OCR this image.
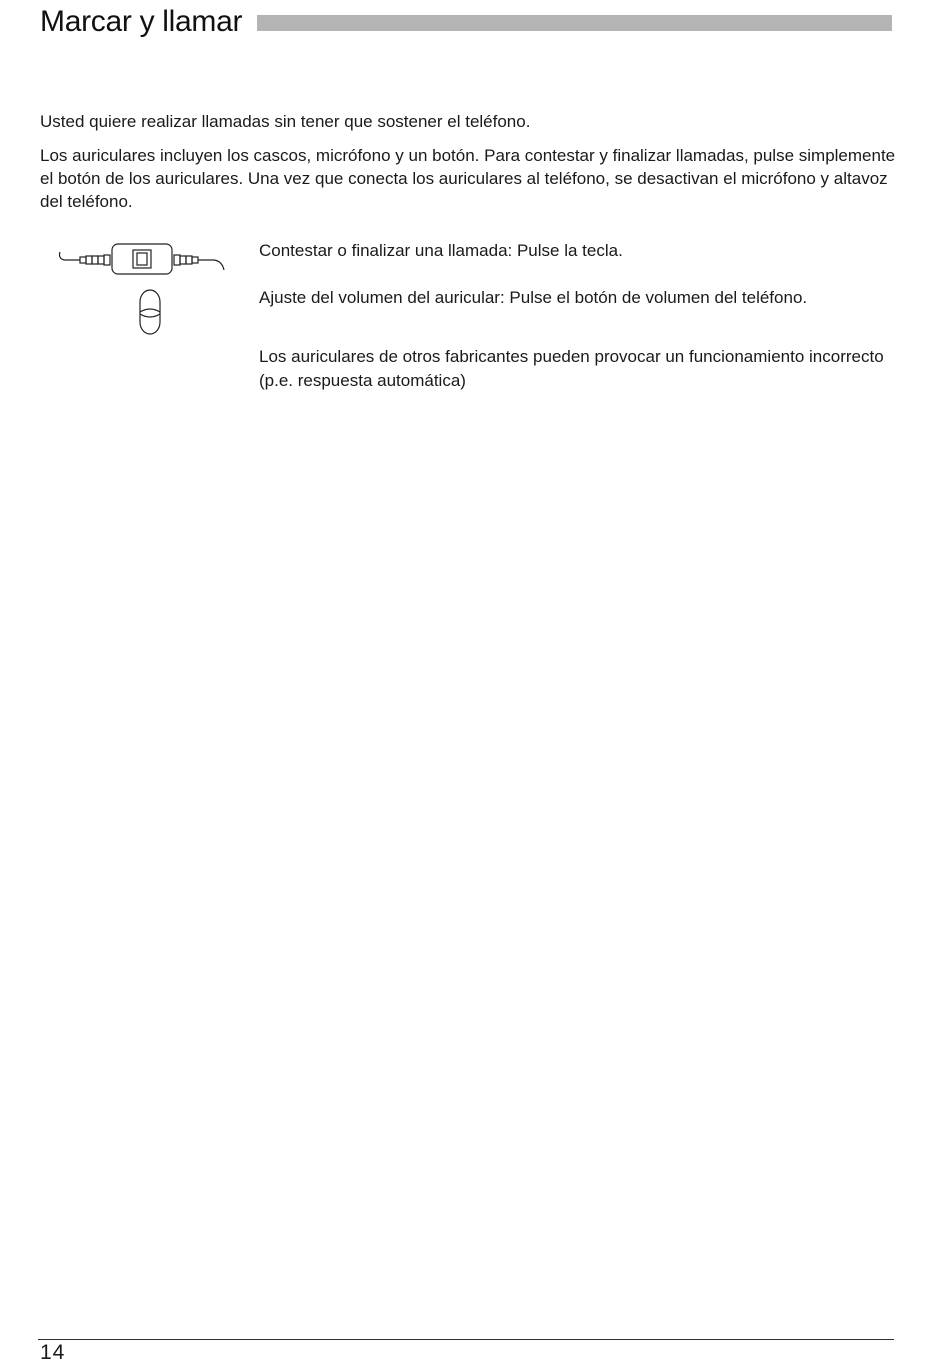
Marcar y llamar

Usted quiere realizar llamadas sin tener que sostener el teléfono.

Los auriculares incluyen los cascos, micrófono y un botón. Para contestar y finalizar llamadas, pulse simplemente el botón de los auriculares. Una vez que conecta los auriculares al teléfono, se desactivan el micrófono y altavoz del teléfono.

Contestar o finalizar una llamada: Pulse la tecla.

Ajuste del volumen del auricular: Pulse el botón de volumen del teléfono.

Los auriculares de otros fabricantes pueden provocar un funcionamiento incorrecto (p.e. respuesta automática)

14
